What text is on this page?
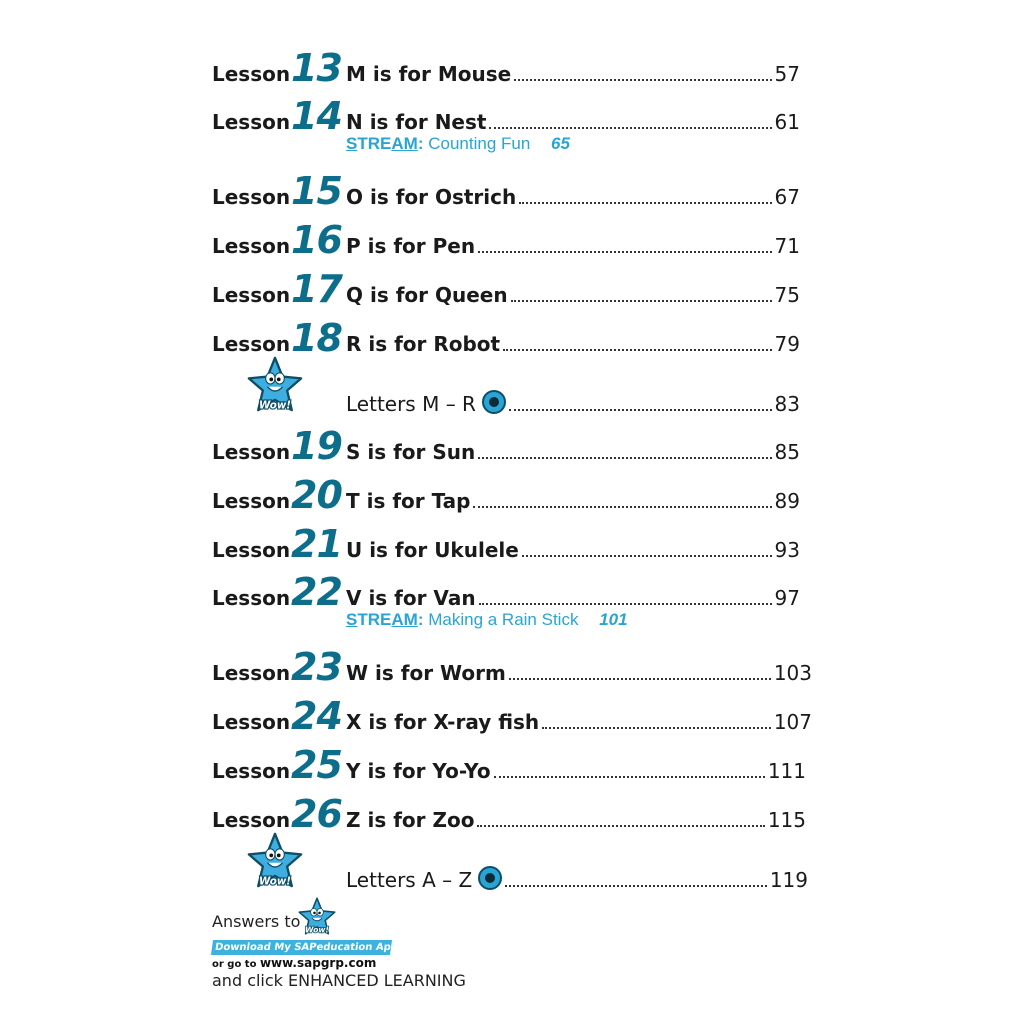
Lesson 13 M is for Mouse	57
Lesson 14 N is for Nest	61
STREAM: Counting Fun 65
Lesson 15 O is for Ostrich	67
Lesson 16 P is for Pen	71
Lesson 17 Q is for Queen	75
Lesson 18 R is for Robot	79
Wow!	Letters M – R	83
Lesson 19 S is for Sun	85
Lesson 20 T is for Tap	89
Lesson 21 U is for Ukulele	93
Lesson 22 V is for Van	97
STREAM: Making a Rain Stick 101
Lesson 23 W is for Worm	103
Lesson 24 X is for X-ray fish	107
Lesson 25 Y is for Yo-Yo	111
Lesson 26 Z is for Zoo	115
Wow!	Letters A – Z	119
Answers to Wow!
Download My SAPeducation App Now!
or go to www.sapgrp.com
and click ENHANCED LEARNING
